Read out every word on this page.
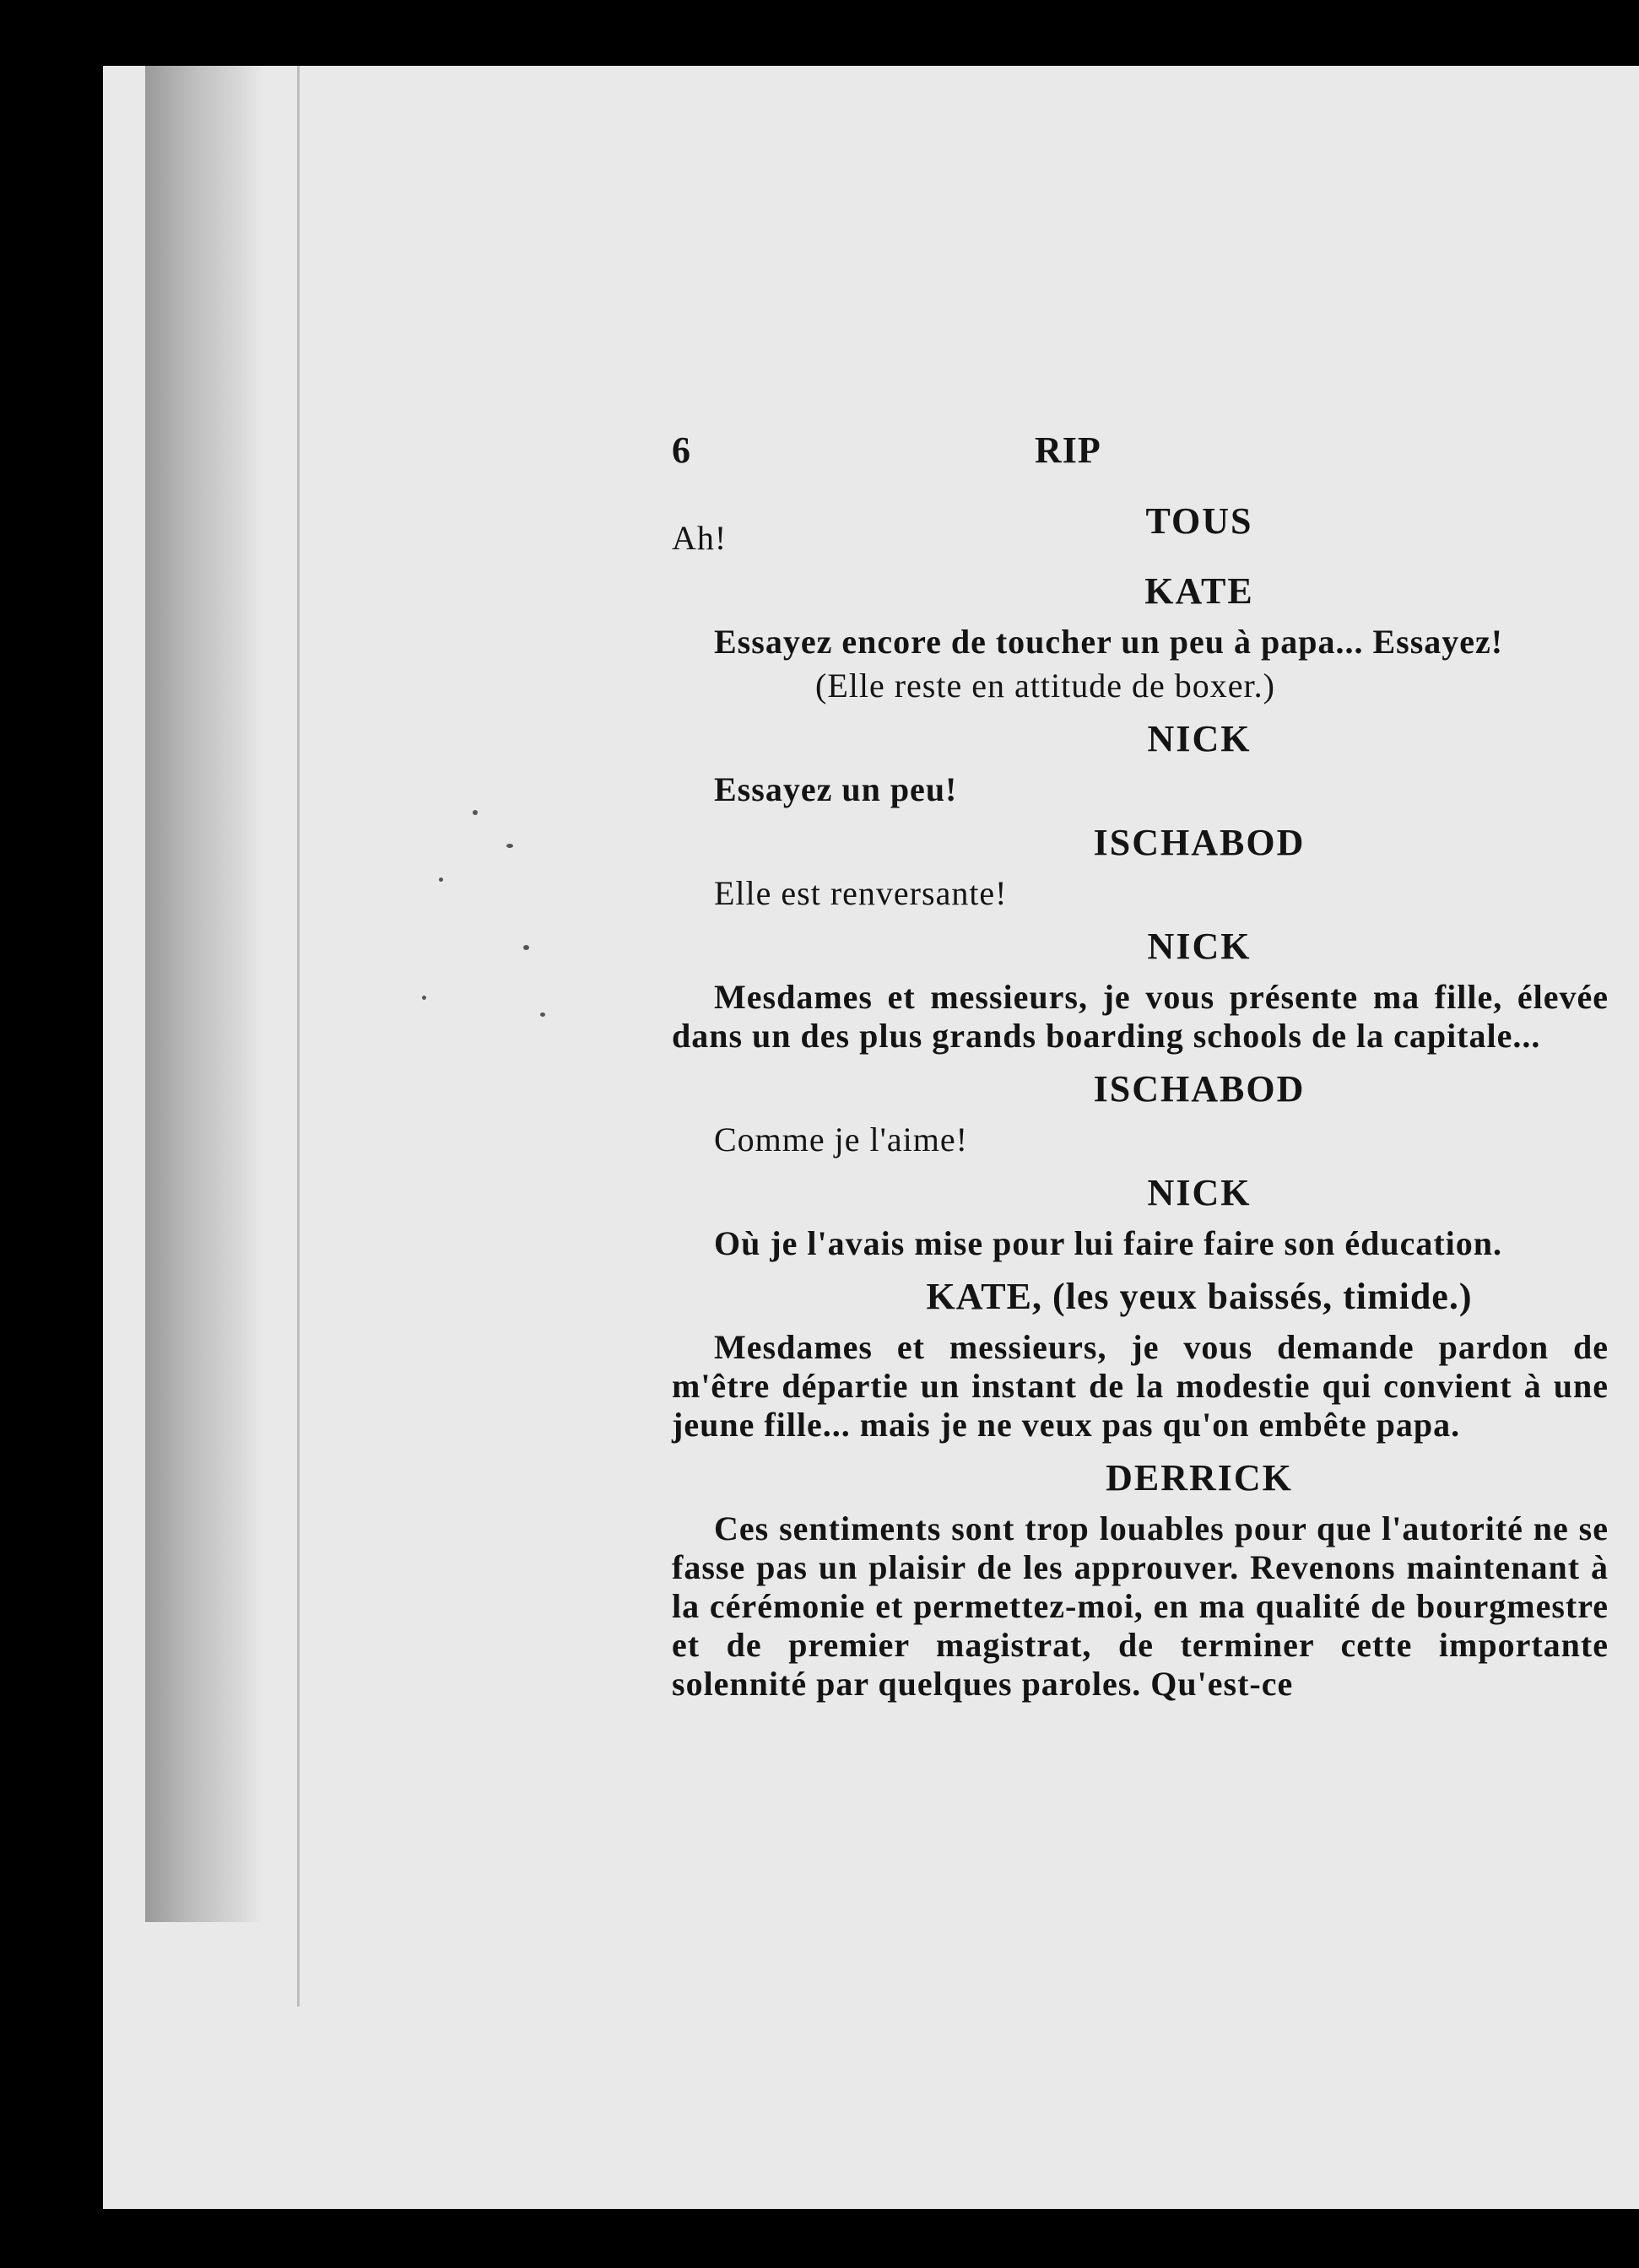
6	RIP
TOUS
Ah!
KATE
Essayez encore de toucher un peu à papa... Essayez!
(Elle reste en attitude de boxer.)
NICK
Essayez un peu!
ISCHABOD
Elle est renversante!
NICK
Mesdames et messieurs, je vous présente ma fille, élevée dans un des plus grands boarding schools de la capitale...
ISCHABOD
Comme je l'aime!
NICK
Où je l'avais mise pour lui faire faire son éducation.
KATE, (les yeux baissés, timide.)
Mesdames et messieurs, je vous demande pardon de m'être départie un instant de la modestie qui convient à une jeune fille... mais je ne veux pas qu'on embête papa.
DERRICK
Ces sentiments sont trop louables pour que l'autorité ne se fasse pas un plaisir de les approuver. Revenons maintenant à la cérémonie et permettez-moi, en ma qualité de bourgmestre et de premier magistrat, de terminer cette importante solennité par quelques paroles. Qu'est-ce
